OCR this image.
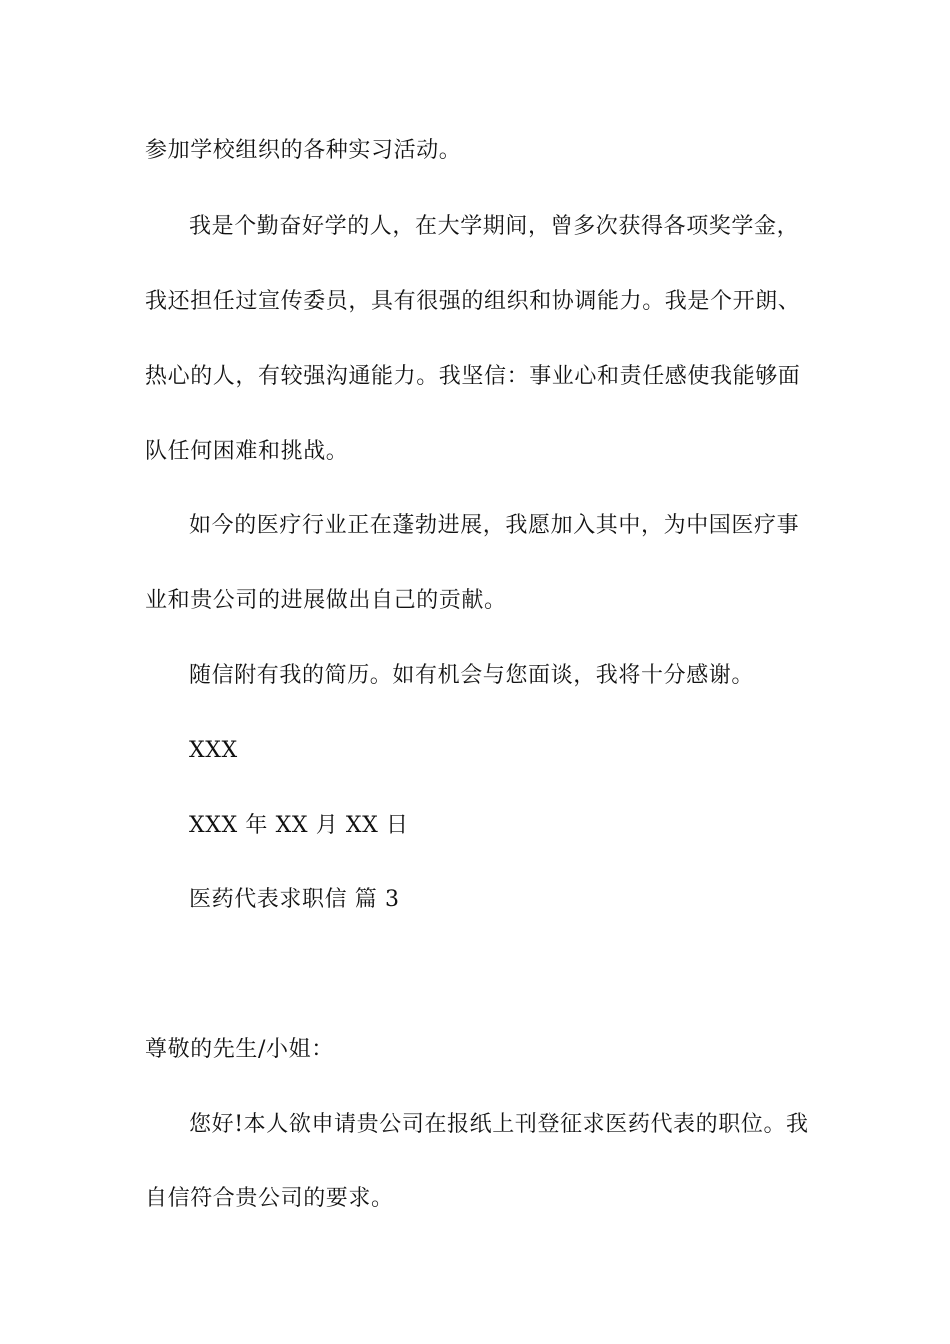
参加学校组织的各种实习活动。
我是个勤奋好学的人，在大学期间，曾多次获得各项奖学金，
我还担任过宣传委员，具有很强的组织和协调能力。我是个开朗、
热心的人，有较强沟通能力。我坚信：事业心和责任感使我能够面
队任何困难和挑战。
如今的医疗行业正在蓬勃进展，我愿加入其中，为中国医疗事
业和贵公司的进展做出自己的贡献。
随信附有我的简历。如有机会与您面谈，我将十分感谢。
XXX
XXX 年 XX 月 XX 日
医药代表求职信 篇 3
尊敬的先生/小姐：
您好!本人欲申请贵公司在报纸上刊登征求医药代表的职位。我
自信符合贵公司的要求。
